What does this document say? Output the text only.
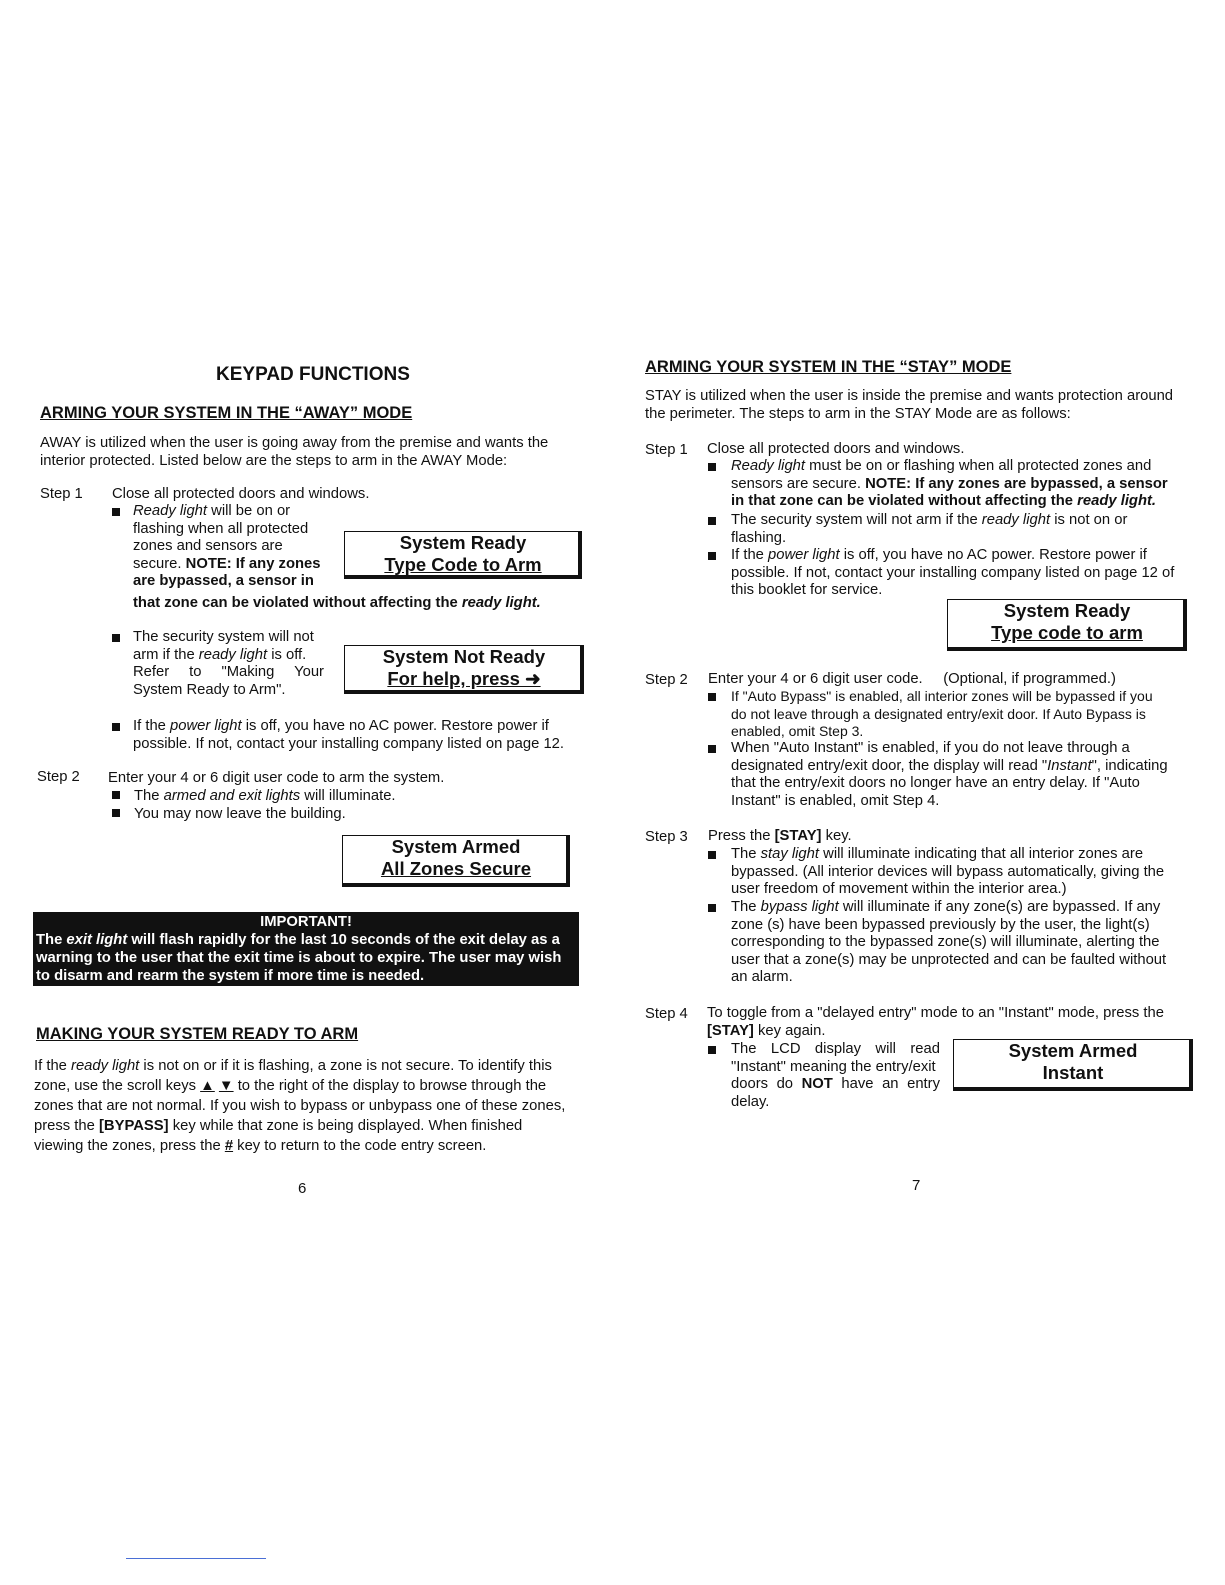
KEYPAD FUNCTIONS
ARMING YOUR SYSTEM IN THE “AWAY” MODE
AWAY is utilized when the user is going away from the premise and wants the
interior protected. Listed below are the steps to arm in the AWAY Mode:
Step 1 Close all protected doors and windows.
Ready light will be on or
flashing when all protected
zones and sensors are
secure. NOTE: If any zones
are bypassed, a sensor in
that zone can be violated without affecting the ready light.
System Ready
Type Code to Arm
The security system will not
arm if the ready light is off.
Refer to "Making Your
System Ready to Arm".
System Not Ready
For help, press ➜
If the power light is off, you have no AC power. Restore power if
possible. If not, contact your installing company listed on page 12.
Step 2 Enter your 4 or 6 digit user code to arm the system.
The armed and exit lights will illuminate.
You may now leave the building.
System Armed
All Zones Secure
IMPORTANT!
The exit light will flash rapidly for the last 10 seconds of the exit delay as a
warning to the user that the exit time is about to expire. The user may wish
to disarm and rearm the system if more time is needed.
MAKING YOUR SYSTEM READY TO ARM
If the ready light is not on or if it is flashing, a zone is not secure. To identify this
zone, use the scroll keys ▲ ▼ to the right of the display to browse through the
zones that are not normal. If you wish to bypass or unbypass one of these zones,
press the [BYPASS] key while that zone is being displayed. When finished
viewing the zones, press the # key to return to the code entry screen.
6
ARMING YOUR SYSTEM IN THE “STAY” MODE
STAY is utilized when the user is inside the premise and wants protection around
the perimeter. The steps to arm in the STAY Mode are as follows:
Step 1 Close all protected doors and windows.
Ready light must be on or flashing when all protected zones and
sensors are secure. NOTE: If any zones are bypassed, a sensor
in that zone can be violated without affecting the ready light.
The security system will not arm if the ready light is not on or
flashing.
If the power light is off, you have no AC power. Restore power if
possible. If not, contact your installing company listed on page 12 of
this booklet for service.
System Ready
Type code to arm
Step 2 Enter your 4 or 6 digit user code.     (Optional, if programmed.)
If "Auto Bypass" is enabled, all interior zones will be bypassed if you
do not leave through a designated entry/exit door. If Auto Bypass is
enabled, omit Step 3.
When "Auto Instant" is enabled, if you do not leave through a
designated entry/exit door, the display will read "Instant", indicating
that the entry/exit doors no longer have an entry delay. If "Auto
Instant" is enabled, omit Step 4.
Step 3 Press the [STAY] key.
The stay light will illuminate indicating that all interior zones are
bypassed. (All interior devices will bypass automatically, giving the
user freedom of movement within the interior area.)
The bypass light will illuminate if any zone(s) are bypassed. If any
zone (s) have been bypassed previously by the user, the light(s)
corresponding to the bypassed zone(s) will illuminate, alerting the
user that a zone(s) may be unprotected and can be faulted without
an alarm.
Step 4 To toggle from a "delayed entry" mode to an "Instant" mode, press the
[STAY] key again.
The LCD display will read
"Instant" meaning the entry/exit
doors do NOT have an entry
delay.
System Armed
Instant
7
